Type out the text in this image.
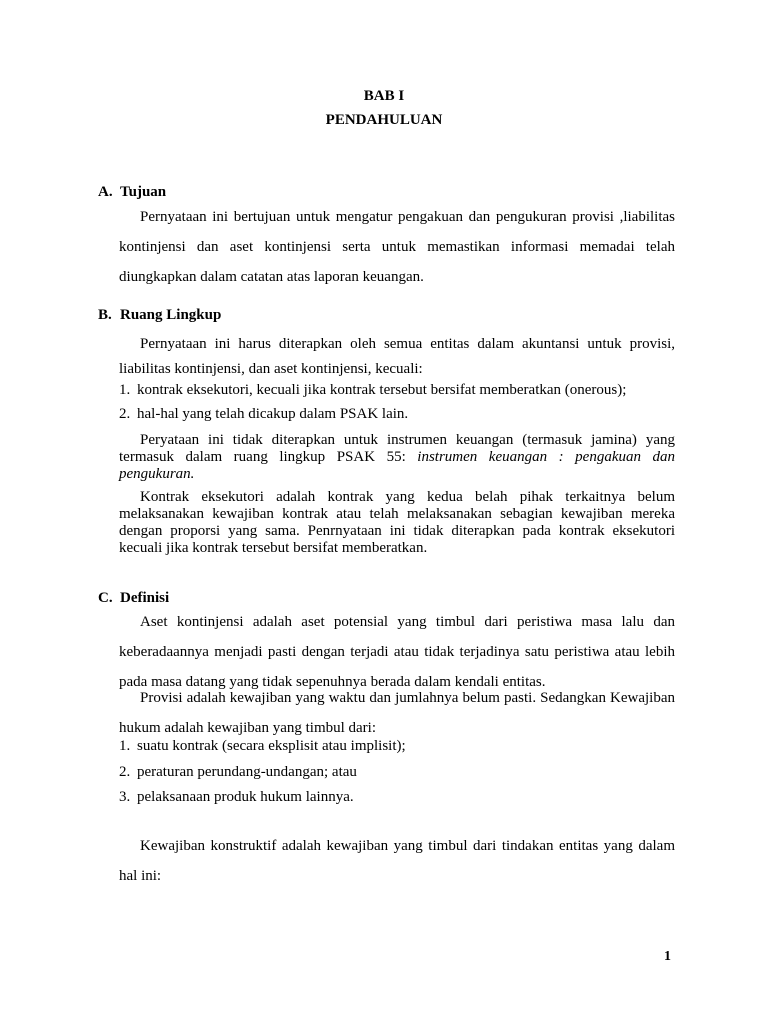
BAB I
PENDAHULUAN
A. Tujuan
Pernyataan ini bertujuan untuk mengatur pengakuan dan pengukuran provisi ,liabilitas kontinjensi dan aset kontinjensi serta untuk memastikan informasi memadai telah diungkapkan dalam catatan atas laporan keuangan.
B. Ruang Lingkup
Pernyataan ini harus diterapkan oleh semua entitas dalam akuntansi untuk provisi, liabilitas kontinjensi, dan aset kontinjensi, kecuali:
1. kontrak eksekutori, kecuali jika kontrak tersebut bersifat memberatkan (onerous);
2. hal-hal yang telah dicakup dalam PSAK lain.
Peryataan ini tidak diterapkan untuk instrumen keuangan (termasuk jamina) yang termasuk dalam ruang lingkup PSAK 55: instrumen keuangan : pengakuan dan pengukuran.
Kontrak eksekutori adalah kontrak yang kedua belah pihak terkaitnya belum melaksanakan kewajiban kontrak atau telah melaksanakan sebagian kewajiban mereka dengan proporsi yang sama. Penrnyataan ini tidak diterapkan pada kontrak eksekutori kecuali jika kontrak tersebut bersifat memberatkan.
C. Definisi
Aset kontinjensi adalah aset potensial yang timbul dari peristiwa masa lalu dan keberadaannya menjadi pasti dengan terjadi atau tidak terjadinya satu peristiwa atau lebih pada masa datang yang tidak sepenuhnya berada dalam kendali entitas.
Provisi adalah kewajiban yang waktu dan jumlahnya belum pasti. Sedangkan Kewajiban hukum adalah kewajiban yang timbul dari:
1. suatu kontrak (secara eksplisit atau implisit);
2. peraturan perundang-undangan; atau
3. pelaksanaan produk hukum lainnya.
Kewajiban konstruktif adalah kewajiban yang timbul dari tindakan entitas yang dalam hal ini:
1
